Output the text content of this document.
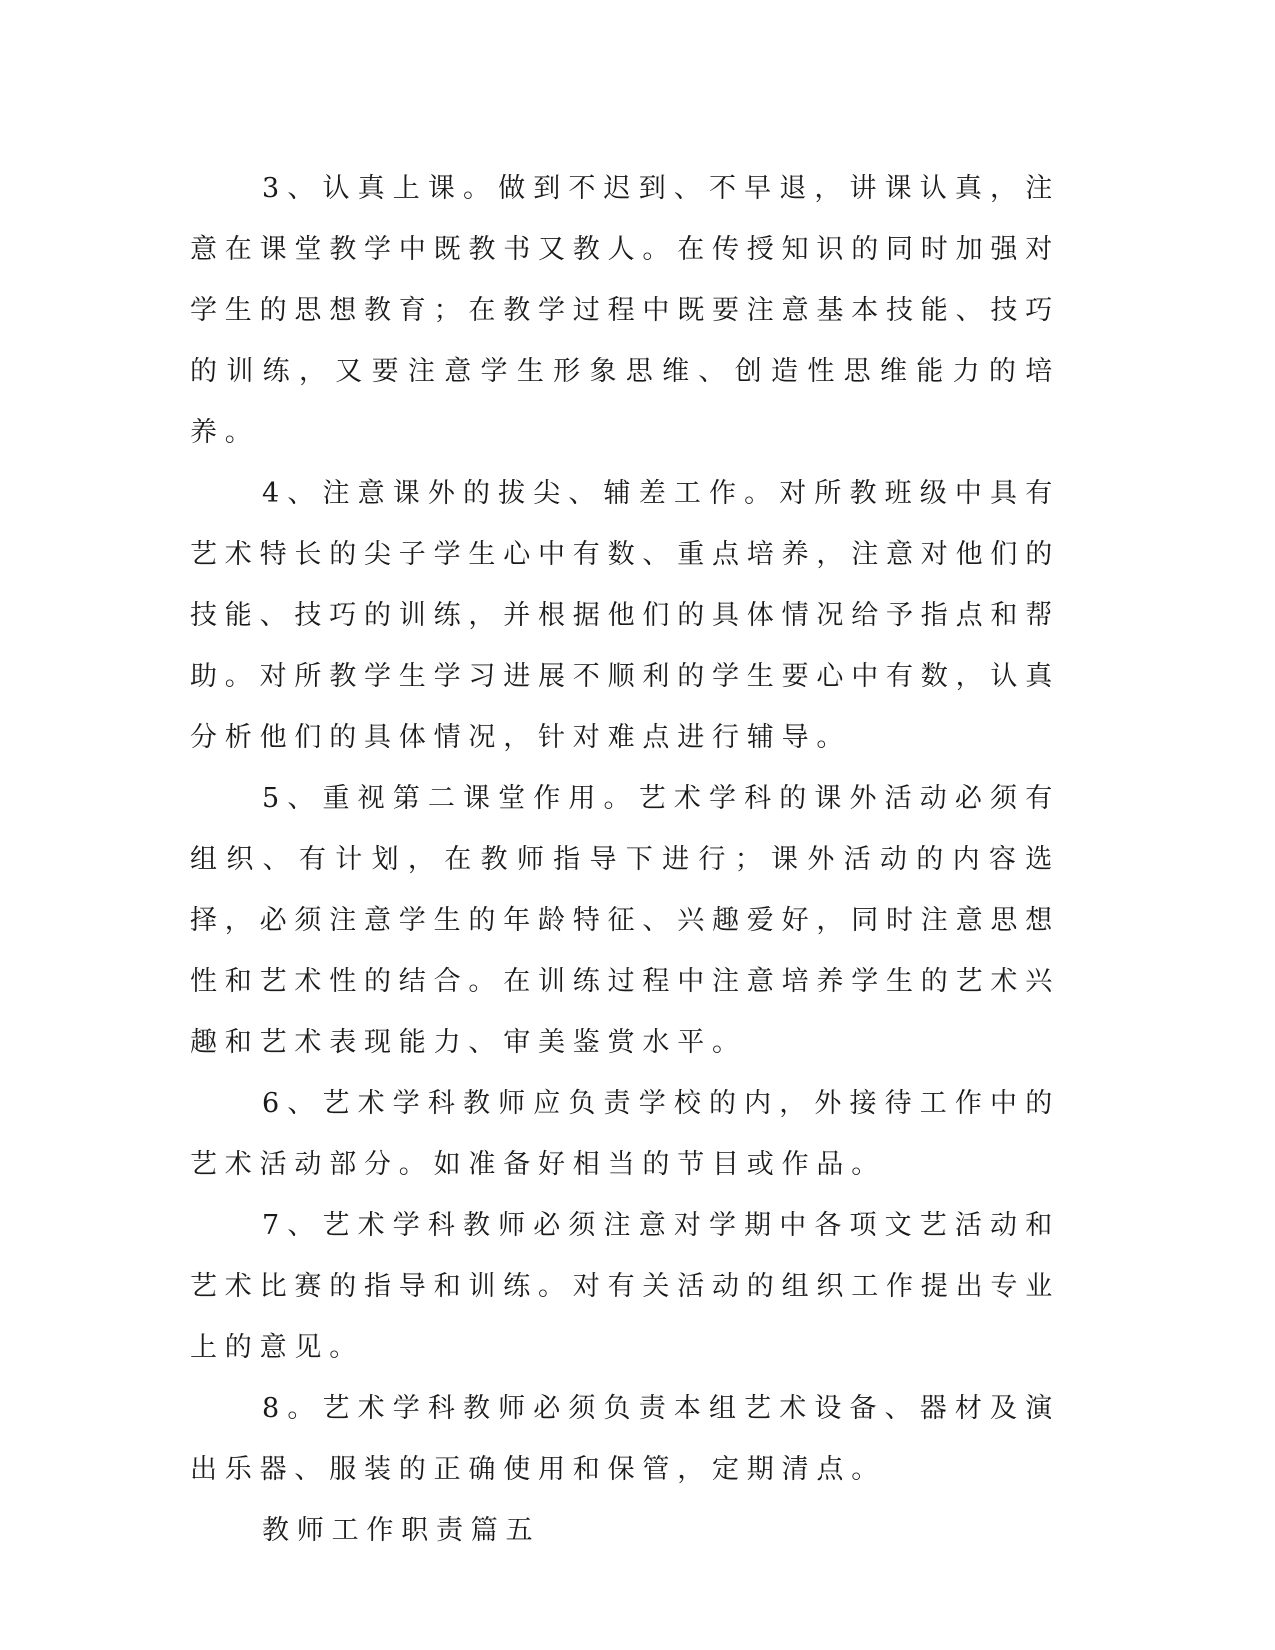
3、认真上课。做到不迟到、不早退，讲课认真，注意在课堂教学中既教书又教人。在传授知识的同时加强对学生的思想教育；在教学过程中既要注意基本技能、技巧的训练，又要注意学生形象思维、创造性思维能力的培养。

4、注意课外的拔尖、辅差工作。对所教班级中具有艺术特长的尖子学生心中有数、重点培养，注意对他们的技能、技巧的训练，并根据他们的具体情况给予指点和帮助。对所教学生学习进展不顺利的学生要心中有数，认真分析他们的具体情况，针对难点进行辅导。

5、重视第二课堂作用。艺术学科的课外活动必须有组织、有计划，在教师指导下进行；课外活动的内容选择，必须注意学生的年龄特征、兴趣爱好，同时注意思想性和艺术性的结合。在训练过程中注意培养学生的艺术兴趣和艺术表现能力、审美鉴赏水平。

6、艺术学科教师应负责学校的内，外接待工作中的艺术活动部分。如准备好相当的节目或作品。

7、艺术学科教师必须注意对学期中各项文艺活动和艺术比赛的指导和训练。对有关活动的组织工作提出专业上的意见。

8。艺术学科教师必须负责本组艺术设备、器材及演出乐器、服装的正确使用和保管，定期清点。

教师工作职责篇五
